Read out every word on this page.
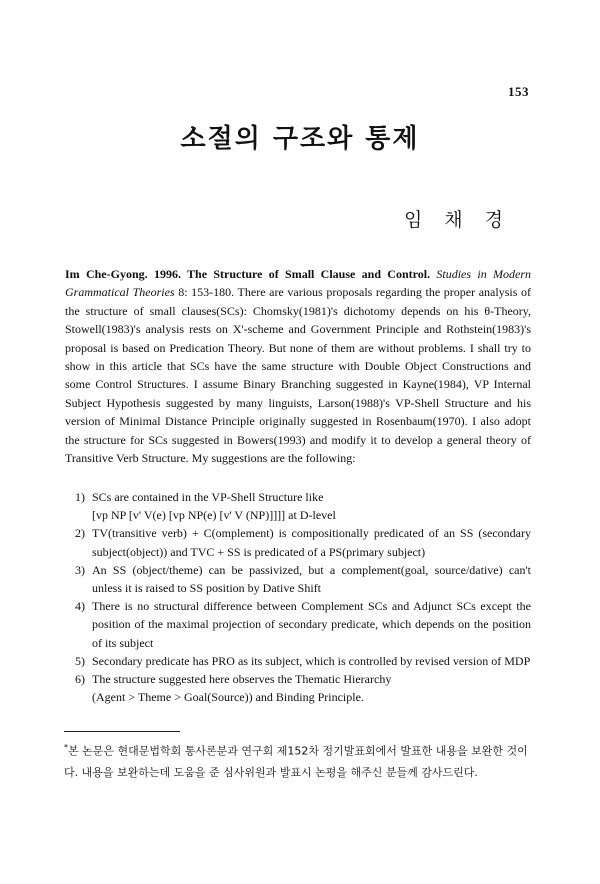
153
소절의 구조와 통제
임채경

Im Che-Gyong. 1996. The Structure of Small Clause and Control. Studies in Modern Grammatical Theories 8: 153-180. There are various proposals regarding the proper analysis of the structure of small clauses(SCs): Chomsky(1981)'s dichotomy depends on his θ-Theory, Stowell(1983)'s analysis rests on X'-scheme and Government Principle and Rothstein(1983)'s proposal is based on Predication Theory. But none of them are without problems. I shall try to show in this article that SCs have the same structure with Double Object Constructions and some Control Structures. I assume Binary Branching suggested in Kayne(1984), VP Internal Subject Hypothesis suggested by many linguists, Larson(1988)'s VP-Shell Structure and his version of Minimal Distance Principle originally suggested in Rosenbaum(1970). I also adopt the structure for SCs suggested in Bowers(1993) and modify it to develop a general theory of Transitive Verb Structure. My suggestions are the following:

1) SCs are contained in the VP-Shell Structure like
[vp NP [v' V(e) [vp NP(e) [v' V (NP)]]]] at D-level
2) TV(transitive verb) + C(omplement) is compositionally predicated of an SS (secondary subject(object)) and TVC + SS is predicated of a PS(primary subject)
3) An SS (object/theme) can be passivized, but a complement(goal, source/dative) can't unless it is raised to SS position by Dative Shift
4) There is no structural difference between Complement SCs and Adjunct SCs except the position of the maximal projection of secondary predicate, which depends on the position of its subject
5) Secondary predicate has PRO as its subject, which is controlled by revised version of MDP
6) The structure suggested here observes the Thematic Hierarchy
(Agent > Theme > Goal(Source)) and Binding Principle.

*본 논문은 현대문법학회 통사론분과 연구회 제152차 정기발표회에서 발표한 내용을 보완한 것이다. 내용을 보완하는데 도움을 준 심사위원과 발표시 논평을 해주신 분들께 감사드린다.
